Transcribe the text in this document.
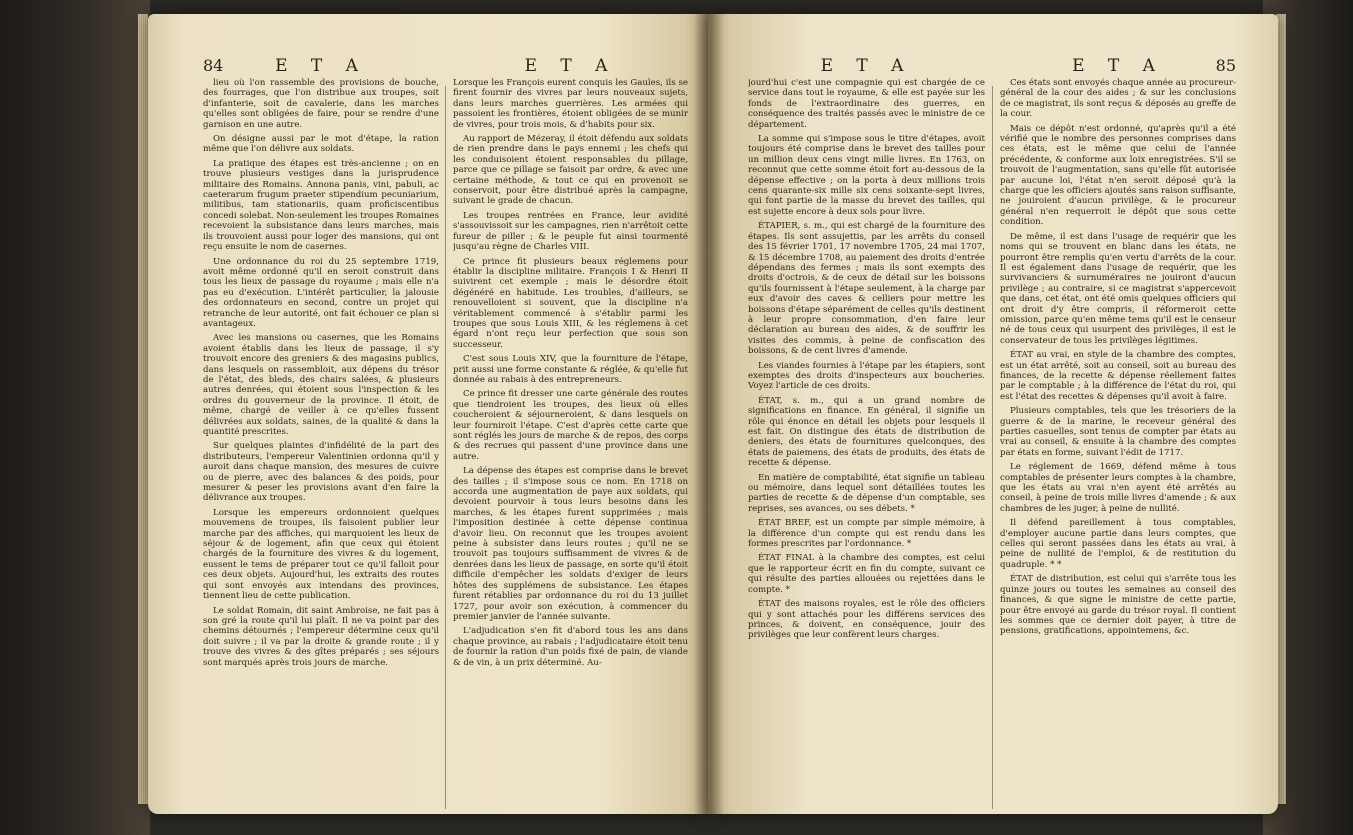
84	E T A

lieu où l'on rassemble des provisions de bouche, des fourrages, que l'on distribue aux troupes, soit d'infanterie, soit de cavalerie, dans les marches qu'elles sont obligées de faire, pour se rendre d'une garnison en une autre.

On désigne aussi par le mot d'étape, la ration même que l'on délivre aux soldats.

La pratique des étapes est très-ancienne ; on en trouve plusieurs vestiges dans la jurisprudence militaire des Romains. Annona panis, vini, pabuli, ac caeterarum frugum praeter stipendium pecuniarium, militibus, tam stationariis, quam proficiscentibus concedi solebat. Non-seulement les troupes Romaines recevoient la subsistance dans leurs marches, mais ils trouvoient aussi pour loger des mansions, qui ont reçu ensuite le nom de casernes.

Une ordonnance du roi du 25 septembre 1719, avoit même ordonné qu'il en seroit construit dans tous les lieux de passage du royaume ; mais elle n'a pas eu d'exécution. L'intérêt particulier, la jalousie des ordonnateurs en second, contre un projet qui retranche de leur autorité, ont fait échouer ce plan si avantageux.

Avec les mansions ou casernes, que les Romains avoient établis dans les lieux de passage, il s'y trouvoit encore des greniers & des magasins publics, dans lesquels on rassembloit, aux dépens du trésor de l'état, des bleds, des chairs salées, & plusieurs autres denrées, qui étoient sous l'inspection & les ordres du gouverneur de la province. Il étoit, de même, chargé de veiller à ce qu'elles fussent délivrées aux soldats, saines, de la qualité & dans la quantité prescrites.

Sur quelques plaintes d'infidélité de la part des distributeurs, l'empereur Valentinien ordonna qu'il y auroit dans chaque mansion, des mesures de cuivre ou de pierre, avec des balances & des poids, pour mesurer & peser les provisions avant d'en faire la délivrance aux troupes.

Lorsque les empereurs ordonnoient quelques mouvemens de troupes, ils faisoient publier leur marche par des affiches, qui marquoient les lieux de séjour & de logement, afin que ceux qui étoient chargés de la fourniture des vivres & du logement, eussent le tems de préparer tout ce qu'il falloit pour ces deux objets. Aujourd'hui, les extraits des routes qui sont envoyés aux intendans des provinces, tiennent lieu de cette publication.

Le soldat Romain, dit saint Ambroise, ne fait pas à son gré la route qu'il lui plaît. Il ne va point par des chemins détournés ; l'empereur détermine ceux qu'il doit suivre ; il va par la droite & grande route ; il y trouve des vivres & des gîtes préparés ; ses séjours sont marqués après trois jours de marche.

E T A

Lorsque les François eurent conquis les Gaules, ils se firent fournir des vivres par leurs nouveaux sujets, dans leurs marches guerrières. Les armées qui passoient les frontières, étoient obligées de se munir de vivres, pour trois mois, & d'habits pour six.

Au rapport de Mézeray, il étoit défendu aux soldats de rien prendre dans le pays ennemi ; les chefs qui les conduisoient étoient responsables du pillage, parce que ce pillage se faisoit par ordre, & avec une certaine méthode, & tout ce qui en provenoit se conservoit, pour être distribué après la campagne, suivant le grade de chacun.

Les troupes rentrées en France, leur avidité s'assouvissoit sur les campagnes, rien n'arrêtoit cette fureur de piller ; & le peuple fut ainsi tourmenté jusqu'au règne de Charles VIII.

Ce prince fit plusieurs beaux réglemens pour établir la discipline militaire. François I & Henri II suivirent cet exemple ; mais le désordre étoit dégénéré en habitude. Les troubles, d'ailleurs, se renouvelloient si souvent, que la discipline n'a véritablement commencé à s'établir parmi les troupes que sous Louis XIII, & les réglemens à cet égard n'ont reçu leur perfection que sous son successeur.

C'est sous Louis XIV, que la fourniture de l'étape, prit aussi une forme constante & réglée, & qu'elle fut donnée au rabais à des entrepreneurs.

Ce prince fit dresser une carte générale des routes que tiendroient les troupes, des lieux où elles coucheroient & séjourneroient, & dans lesquels on leur fourniroit l'étape. C'est d'après cette carte que sont réglés les jours de marche & de repos, des corps & des recrues qui passent d'une province dans une autre.

La dépense des étapes est comprise dans le brevet des tailles ; il s'impose sous ce nom. En 1718 on accorda une augmentation de paye aux soldats, qui devoient pourvoir à tous leurs besoins dans les marches, & les étapes furent supprimées ; mais l'imposition destinée à cette dépense continua d'avoir lieu. On reconnut que les troupes avoient peine à subsister dans leurs routes ; qu'il ne se trouvoit pas toujours suffisamment de vivres & de denrées dans les lieux de passage, en sorte qu'il étoit difficile d'empêcher les soldats d'exiger de leurs hôtes des supplémens de subsistance. Les étapes furent rétablies par ordonnance du roi du 13 juillet 1727, pour avoir son exécution, à commencer du premier janvier de l'année suivante.

L'adjudication s'en fit d'abord tous les ans dans chaque province, au rabais ; l'adjudicataire étoit tenu de fournir la ration d'un poids fixé de pain, de viande & de vin, à un prix déterminé. Au-

E T A

jourd'hui c'est une compagnie qui est chargée de ce service dans tout le royaume, & elle est payée sur les fonds de l'extraordinaire des guerres, en conséquence des traités passés avec le ministre de ce département.

La somme qui s'impose sous le titre d'étapes, avoit toujours été comprise dans le brevet des tailles pour un million deux cens vingt mille livres. En 1763, on reconnut que cette somme étoit fort au-dessous de la dépense effective ; on la porta à deux millions trois cens quarante-six mille six cens soixante-sept livres, qui font partie de la masse du brevet des tailles, qui est sujette encore à deux sols pour livre.

ÉTAPIER, s. m., qui est chargé de la fourniture des étapes. Ils sont assujettis, par les arrêts du conseil des 15 février 1701, 17 novembre 1705, 24 mai 1707, & 15 décembre 1708, au paiement des droits d'entrée dépendans des fermes ; mais ils sont exempts des droits d'octrois, & de ceux de détail sur les boissons qu'ils fournissent à l'étape seulement, à la charge par eux d'avoir des caves & celliers pour mettre les boissons d'étape séparément de celles qu'ils destinent à leur propre consommation, d'en faire leur déclaration au bureau des aides, & de souffrir les visites des commis, à peine de confiscation des boissons, & de cent livres d'amende.

Les viandes fournies à l'étape par les étapiers, sont exemptes des droits d'inspecteurs aux boucheries. Voyez l'article de ces droits.

ÉTAT, s. m., qui a un grand nombre de significations en finance. En général, il signifie un rôle qui énonce en détail les objets pour lesquels il est fait. On distingue des états de distribution de deniers, des états de fournitures quelconques, des états de paiemens, des états de produits, des états de recette & dépense.

En matière de comptabilité, état signifie un tableau ou mémoire, dans lequel sont détaillées toutes les parties de recette & de dépense d'un comptable, ses reprises, ses avances, ou ses débets. *

ÉTAT BREF, est un compte par simple mémoire, à la différence d'un compte qui est rendu dans les formes prescrites par l'ordonnance. *

ÉTAT FINAL à la chambre des comptes, est celui que le rapporteur écrit en fin du compte, suivant ce qui résulte des parties allouées ou rejettées dans le compte. *

ÉTAT des maisons royales, est le rôle des officiers qui y sont attachés pour les différens services des princes, & doivent, en conséquence, jouir des privilèges que leur confèrent leurs charges.

E T A	85

Ces états sont envoyés chaque année au procureur-général de la cour des aides ; & sur les conclusions de ce magistrat, ils sont reçus & déposés au greffe de la cour.

Mais ce dépôt n'est ordonné, qu'après qu'il a été vérifié que le nombre des personnes comprises dans ces états, est le même que celui de l'année précédente, & conforme aux loix enregistrées. S'il se trouvoit de l'augmentation, sans qu'elle fût autorisée par aucune loi, l'état n'en seroit déposé qu'à la charge que les officiers ajoutés sans raison suffisante, ne jouiroient d'aucun privilège, & le procureur général n'en requerroit le dépôt que sous cette condition.

De même, il est dans l'usage de requérir que les noms qui se trouvent en blanc dans les états, ne pourront être remplis qu'en vertu d'arrêts de la cour. Il est également dans l'usage de requérir, que les survivanciers & surnuméraires ne jouiront d'aucun privilège ; au contraire, si ce magistrat s'appercevoit que dans, cet état, ont été omis quelques officiers qui ont droit d'y être compris, il réformeroit cette omission, parce qu'en même tems qu'il est le censeur né de tous ceux qui usurpent des privilèges, il est le conservateur de tous les privilèges légitimes.

ÉTAT au vrai, en style de la chambre des comptes, est un état arrêté, soit au conseil, soit au bureau des finances, de la recette & dépense réellement faites par le comptable ; à la différence de l'état du roi, qui est l'état des recettes & dépenses qu'il avoit à faire.

Plusieurs comptables, tels que les trésoriers de la guerre & de la marine, le receveur général des parties casuelles, sont tenus de compter par états au vrai au conseil, & ensuite à la chambre des comptes par états en forme, suivant l'édit de 1717.

Le réglement de 1669, défend même à tous comptables de présenter leurs comptes à la chambre, que les états au vrai n'en ayent été arrêtés au conseil, à peine de trois mille livres d'amende ; & aux chambres de les juger, à peine de nullité.

Il défend pareillement à tous comptables, d'employer aucune partie dans leurs comptes, que celles qui seront passées dans les états au vrai, à peine de nullité de l'emploi, & de restitution du quadruple. * *

ÉTAT de distribution, est celui qui s'arrête tous les quinze jours ou toutes les semaines au conseil des finances, & que signe le ministre de cette partie, pour être envoyé au garde du trésor royal. Il contient les sommes que ce dernier doit payer, à titre de pensions, gratifications, appointemens, &c.
